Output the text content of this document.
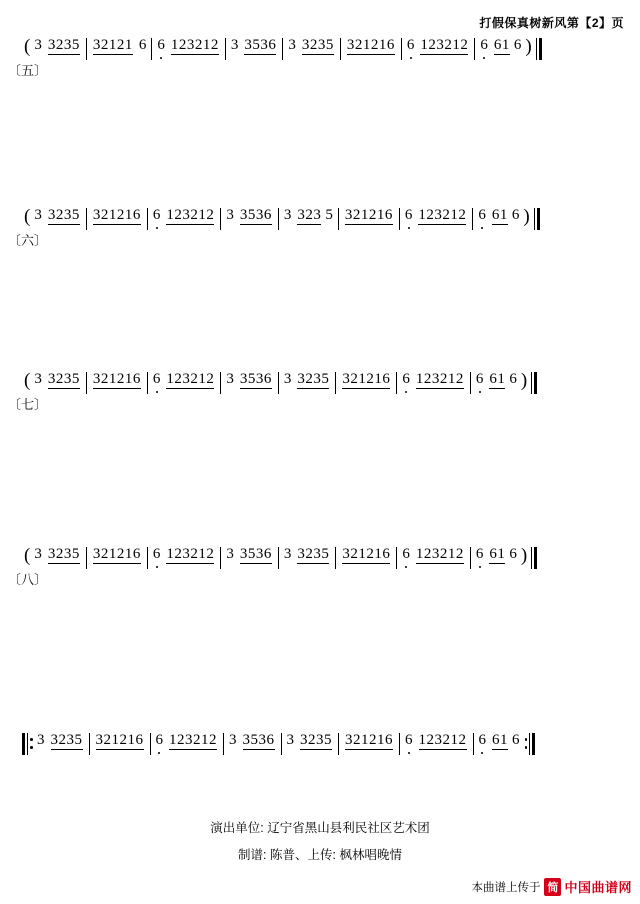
打假保真树新风第【2】页
〔五〕
( 3 3235 32121 6 6 123212 3 3536 3 3235 321216 6 123212 6 61 6 )
〔六〕
( 3 3235 321216 6 123212 3 3536 3 323 5 321216 6 123212 6 61 6 )
〔七〕
( 3 3235 321216 6 123212 3 3536 3 3235 321216 6 123212 6 61 6 )
〔八〕
( 3 3235 321216 6 123212 3 3536 3 3235 321216 6 123212 6 61 6 )
3 3235 321216 6 123212 3 3536 3 3235 321216 6 123212 6 61 6
演出单位: 辽宁省黑山县利民社区艺术团
制谱: 陈普、上传: 枫林唱晚情
本曲谱上传于 简 中国曲谱网
